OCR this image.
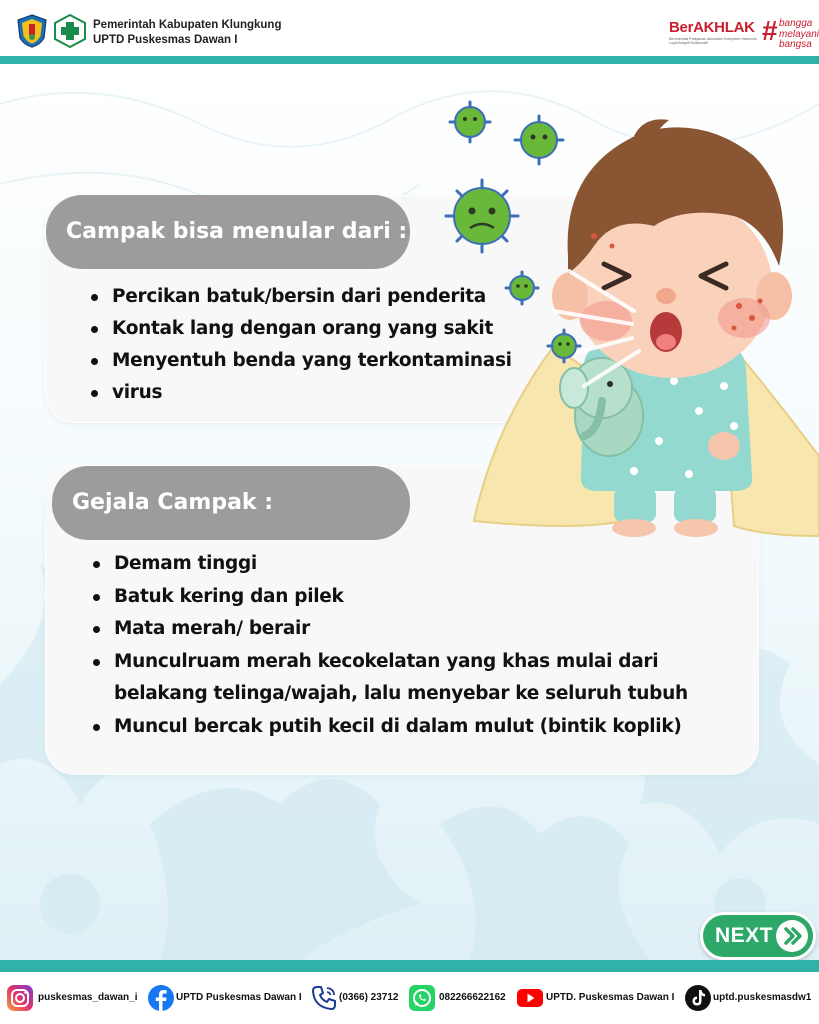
Pemerintah Kabupaten Klungkung
UPTD Puskesmas Dawan I
BerAKHLAK
Berorientasi Pelayanan Akuntabel Kompeten Harmonis Loyal Adaptif Kolaboratif	# bangga
melayani
bangsa
Campak bisa menular dari :
Percikan batuk/bersin dari penderita
Kontak lang dengan orang yang sakit
Menyentuh benda yang terkontaminasi
virus
Gejala Campak :
Demam tinggi
Batuk kering dan pilek
Mata merah/ berair
Munculruam merah kecokelatan yang khas mulai dari belakang telinga/wajah, lalu menyebar ke seluruh tubuh
Muncul bercak putih kecil di dalam mulut (bintik koplik)
NEXT
puskesmas_dawan_i	UPTD Puskesmas Dawan I	(0366) 23712	082266622162	UPTD. Puskesmas Dawan I	uptd.puskesmasdw1
